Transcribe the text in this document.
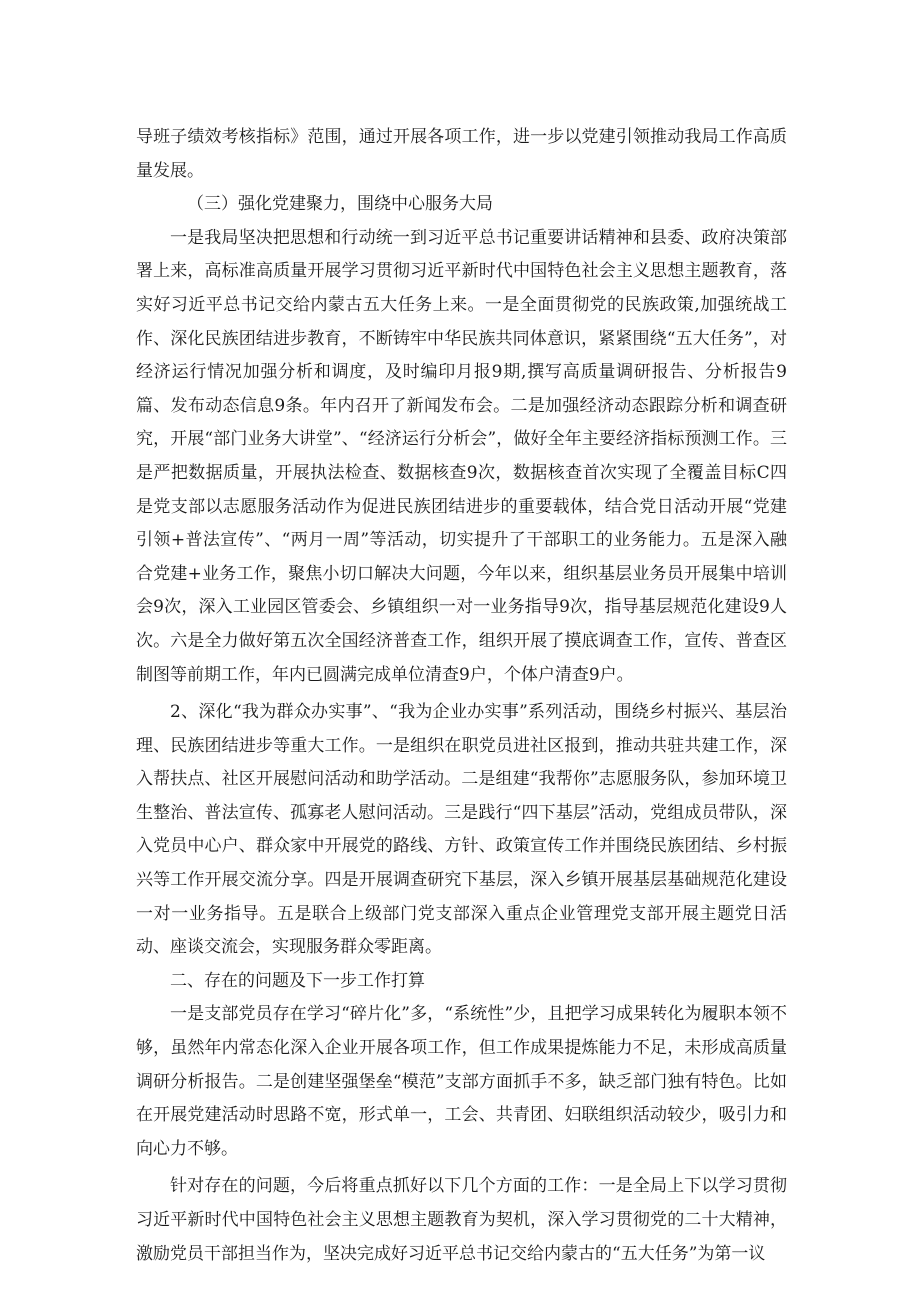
导班子绩效考核指标》范围，通过开展各项工作，进一步以党建引领推动我局工作高质量发展。

（三）强化党建聚力，围绕中心服务大局

一是我局坚决把思想和行动统一到习近平总书记重要讲话精神和县委、政府决策部署上来，高标准高质量开展学习贯彻习近平新时代中国特色社会主义思想主题教育，落实好习近平总书记交给内蒙古五大任务上来。一是全面贯彻党的民族政策,加强统战工作、深化民族团结进步教育，不断铸牢中华民族共同体意识，紧紧围绕“五大任务”，对经济运行情况加强分析和调度，及时编印月报9期,撰写高质量调研报告、分析报告9篇、发布动态信息9条。年内召开了新闻发布会。二是加强经济动态跟踪分析和调查研究，开展“部门业务大讲堂”、“经济运行分析会”，做好全年主要经济指标预测工作。三是严把数据质量，开展执法检查、数据核查9次，数据核查首次实现了全覆盖目标C四是党支部以志愿服务活动作为促进民族团结进步的重要载体，结合党日活动开展“党建引领+普法宣传”、“两月一周”等活动，切实提升了干部职工的业务能力。五是深入融合党建+业务工作，聚焦小切口解决大问题，今年以来，组织基层业务员开展集中培训会9次，深入工业园区管委会、乡镇组织一对一业务指导9次，指导基层规范化建设9人次。六是全力做好第五次全国经济普查工作，组织开展了摸底调查工作，宣传、普查区制图等前期工作，年内已圆满完成单位清查9户，个体户清查9户。

2、深化“我为群众办实事”、“我为企业办实事”系列活动，围绕乡村振兴、基层治理、民族团结进步等重大工作。一是组织在职党员进社区报到，推动共驻共建工作，深入帮扶点、社区开展慰问活动和助学活动。二是组建“我帮你”志愿服务队，参加环境卫生整治、普法宣传、孤寡老人慰问活动。三是践行“四下基层”活动，党组成员带队，深入党员中心户、群众家中开展党的路线、方针、政策宣传工作并围绕民族团结、乡村振兴等工作开展交流分享。四是开展调查研究下基层，深入乡镇开展基层基础规范化建设一对一业务指导。五是联合上级部门党支部深入重点企业管理党支部开展主题党日活动、座谈交流会，实现服务群众零距离。

二、存在的问题及下一步工作打算

一是支部党员存在学习“碎片化”多，“系统性”少，且把学习成果转化为履职本领不够，虽然年内常态化深入企业开展各项工作，但工作成果提炼能力不足，未形成高质量调研分析报告。二是创建坚强堡垒“模范”支部方面抓手不多，缺乏部门独有特色。比如在开展党建活动时思路不宽，形式单一，工会、共青团、妇联组织活动较少，吸引力和向心力不够。

针对存在的问题，今后将重点抓好以下几个方面的工作：一是全局上下以学习贯彻习近平新时代中国特色社会主义思想主题教育为契机，深入学习贯彻党的二十大精神，激励党员干部担当作为，坚决完成好习近平总书记交给内蒙古的“五大任务”为第一议
